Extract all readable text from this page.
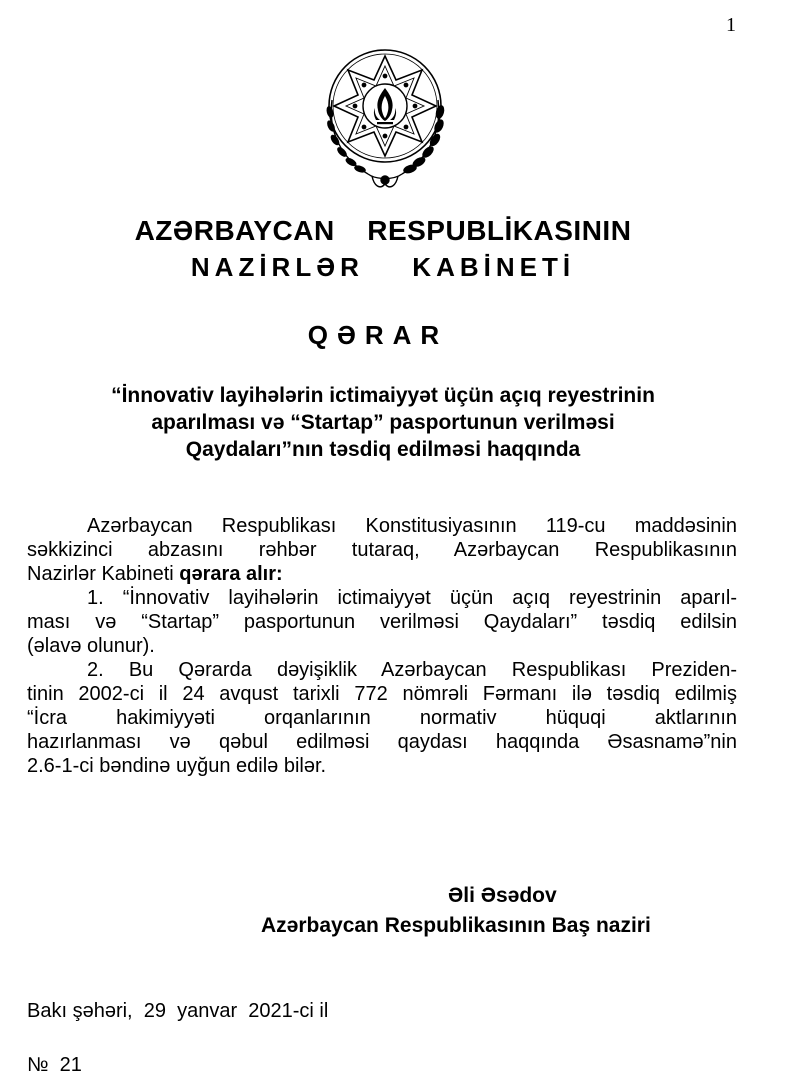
1
AZƏRBAYCAN  RESPUBLİKASININ
NAZİRLƏR  KABİNETİ
QƏRAR
“İnnovativ layihələrin ictimaiyyət üçün açıq reyestrinin
aparılması və “Startap” pasportunun verilməsi
Qaydaları”nın təsdiq edilməsi haqqında
Azərbaycan Respublikası Konstitusiyasının 119-cu maddəsinin
səkkizinci abzasını rəhbər tutaraq, Azərbaycan Respublikasının
Nazirlər Kabineti qərara alır:
1. “İnnovativ layihələrin ictimaiyyət üçün açıq reyestrinin aparıl-
ması və “Startap” pasportunun verilməsi Qaydaları” təsdiq edilsin
(əlavə olunur).
2. Bu Qərarda dəyişiklik Azərbaycan Respublikası Preziden-
tinin 2002-ci il 24 avqust tarixli 772 nömrəli Fərmanı ilə təsdiq edilmiş
“İcra hakimiyyəti orqanlarının normativ hüquqi aktlarının
hazırlanması və qəbul edilməsi qaydası haqqında Əsasnamə”nin
2.6-1-ci bəndinə uyğun edilə bilər.
Əli Əsədov
Azərbaycan Respublikasının Baş naziri
Bakı şəhəri,  29  yanvar  2021-ci il
№  21
